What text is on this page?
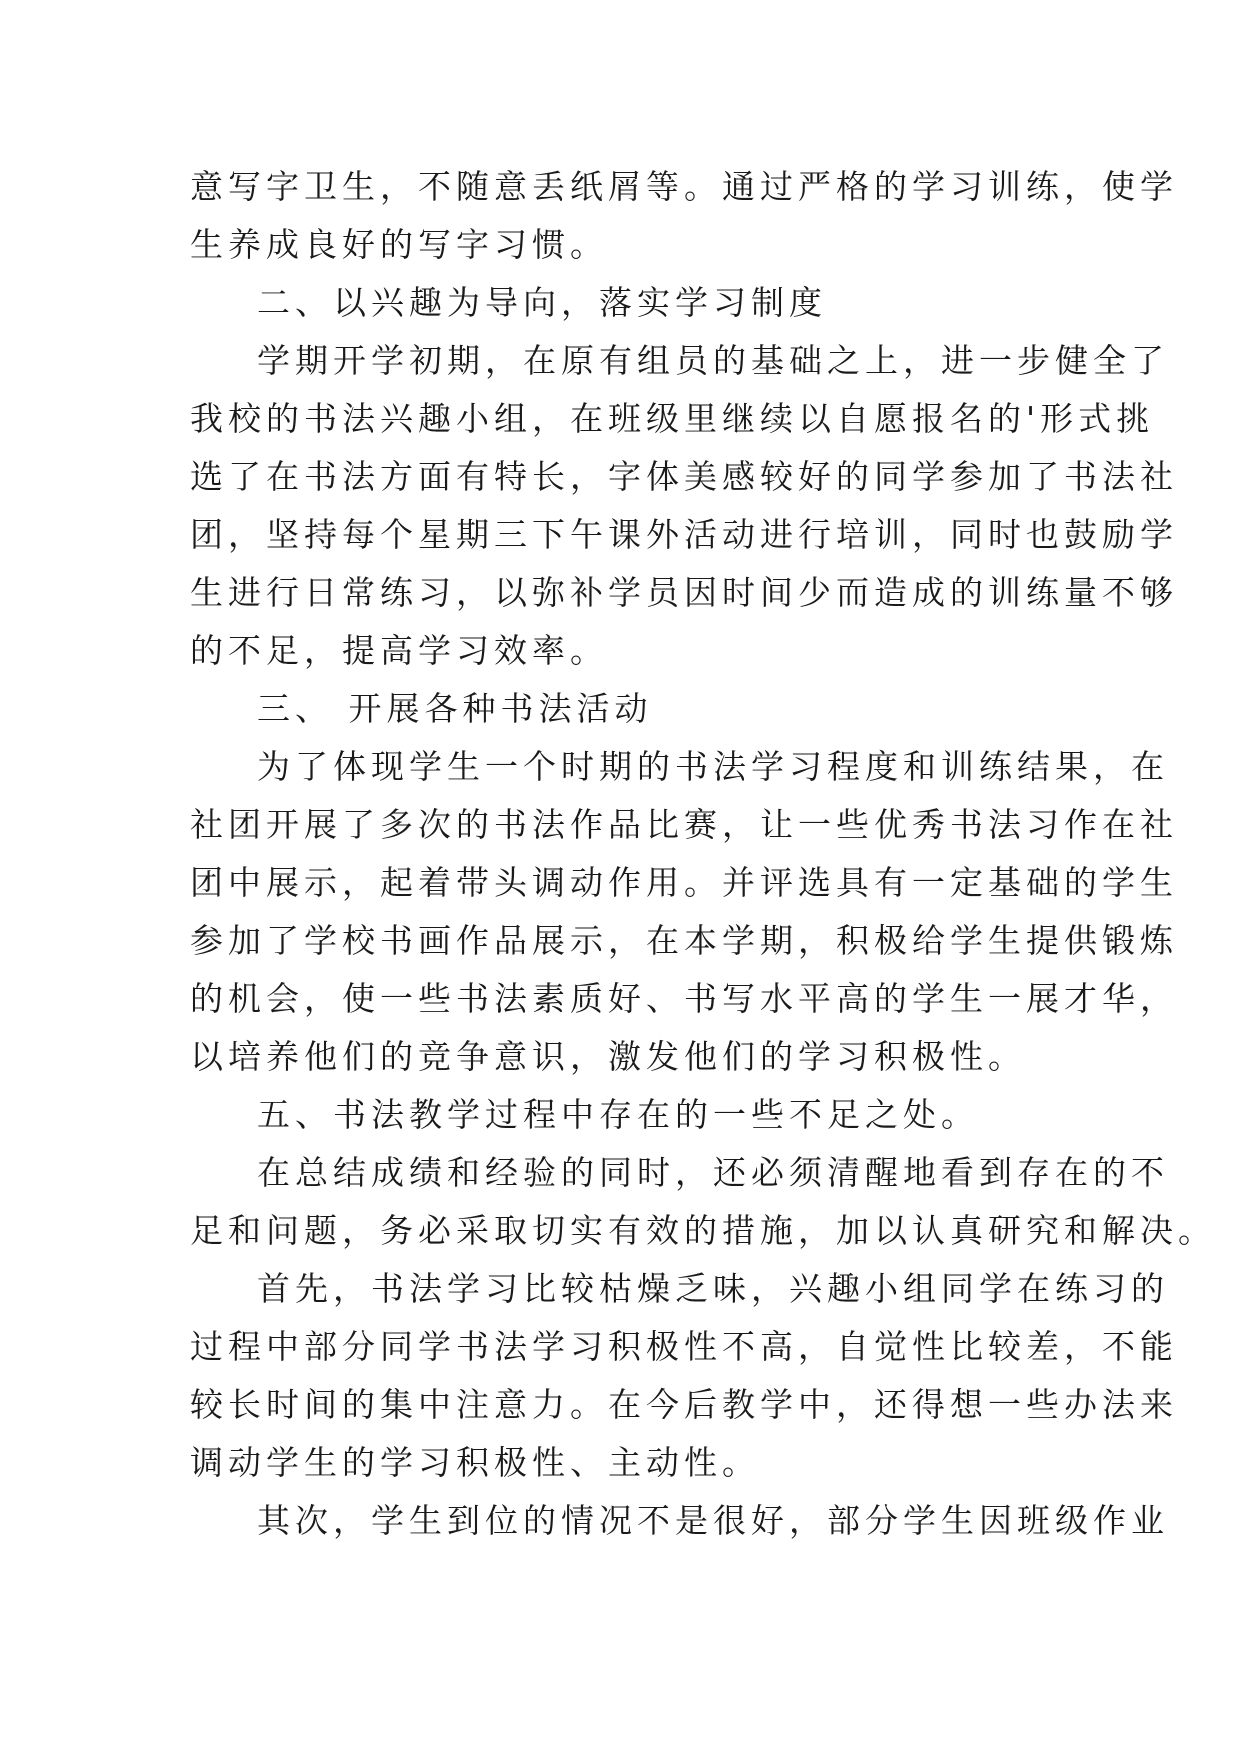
意写字卫生，不随意丢纸屑等。通过严格的学习训练，使学
生养成良好的写字习惯。
二、以兴趣为导向，落实学习制度
学期开学初期，在原有组员的基础之上，进一步健全了
我校的书法兴趣小组，在班级里继续以自愿报名的'形式挑
选了在书法方面有特长，字体美感较好的同学参加了书法社
团，坚持每个星期三下午课外活动进行培训，同时也鼓励学
生进行日常练习，以弥补学员因时间少而造成的训练量不够
的不足，提高学习效率。
三、 开展各种书法活动
为了体现学生一个时期的书法学习程度和训练结果，在
社团开展了多次的书法作品比赛，让一些优秀书法习作在社
团中展示，起着带头调动作用。并评选具有一定基础的学生
参加了学校书画作品展示，在本学期，积极给学生提供锻炼
的机会，使一些书法素质好、书写水平高的学生一展才华，
以培养他们的竞争意识，激发他们的学习积极性。
五、书法教学过程中存在的一些不足之处。
在总结成绩和经验的同时，还必须清醒地看到存在的不
足和问题，务必采取切实有效的措施，加以认真研究和解决。
首先，书法学习比较枯燥乏味，兴趣小组同学在练习的
过程中部分同学书法学习积极性不高，自觉性比较差，不能
较长时间的集中注意力。在今后教学中，还得想一些办法来
调动学生的学习积极性、主动性。
其次，学生到位的情况不是很好，部分学生因班级作业
